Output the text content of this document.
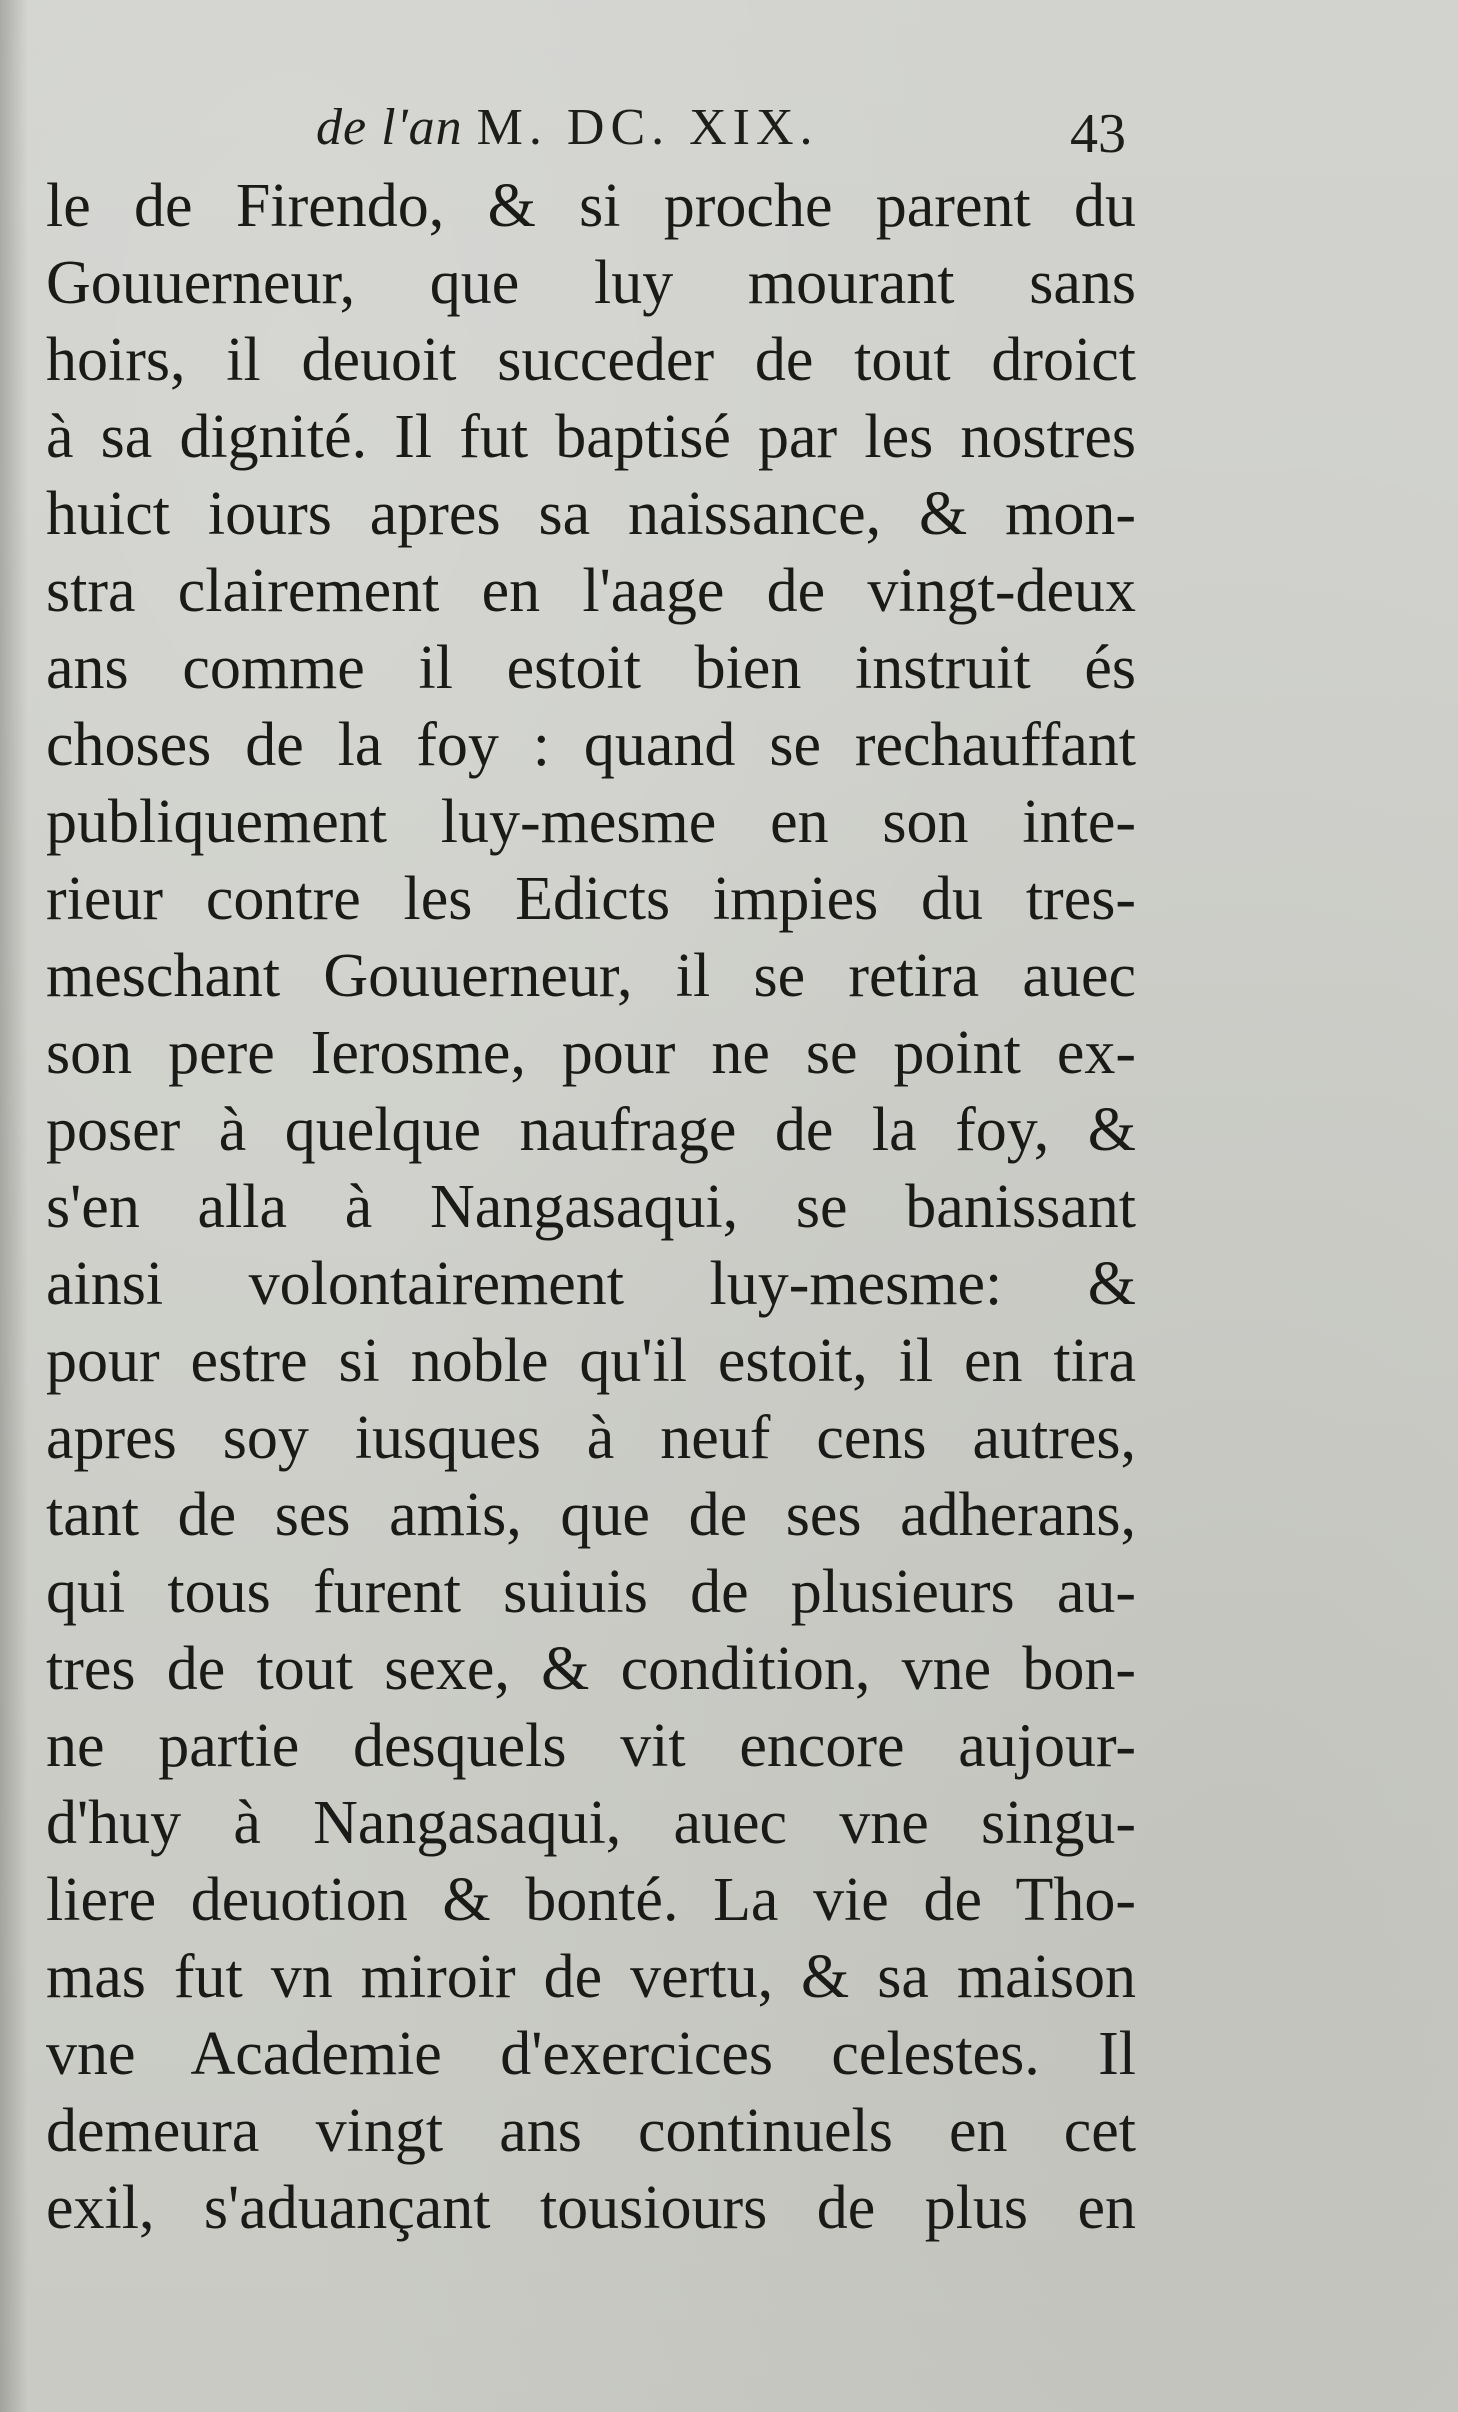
de l'an M. DC. XIX.	43
le de Firendo, & si proche parent du
Gouuerneur, que luy mourant sans
hoirs, il deuoit succeder de tout droict
à sa dignité. Il fut baptisé par les nostres
huict iours apres sa naissance, & mon-
stra clairement en l'aage de vingt-deux
ans comme il estoit bien instruit és
choses de la foy : quand se rechauffant
publiquement luy-mesme en son inte-
rieur contre les Edicts impies du tres-
meschant Gouuerneur, il se retira auec
son pere Ierosme, pour ne se point ex-
poser à quelque naufrage de la foy, &
s'en alla à Nangasaqui, se banissant
ainsi volontairement luy-mesme: &
pour estre si noble qu'il estoit, il en tira
apres soy iusques à neuf cens autres,
tant de ses amis, que de ses adherans,
qui tous furent suiuis de plusieurs au-
tres de tout sexe, & condition, vne bon-
ne partie desquels vit encore aujour-
d'huy à Nangasaqui, auec vne singu-
liere deuotion & bonté. La vie de Tho-
mas fut vn miroir de vertu, & sa maison
vne Academie d'exercices celestes. Il
demeura vingt ans continuels en cet
exil, s'aduançant tousiours de plus en
